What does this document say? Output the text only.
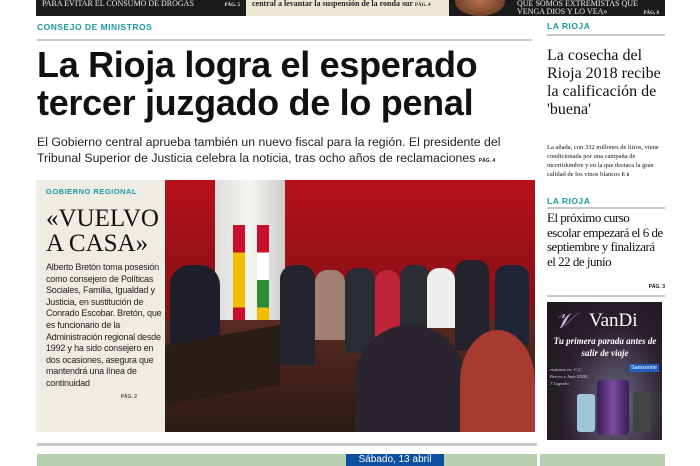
PARA EVITAR EL CONSUMO DE DROGAS	PÁG. 5	central a levantar la suspensión de la ronda sur PÁG. 4	QUE SOMOS EXTREMISTAS QUE VENGA DIOS Y LO VEA»	PÁG. 8
CONSEJO DE MINISTROS
La Rioja logra el esperado tercer juzgado de lo penal
El Gobierno central aprueba también un nuevo fiscal para la región. El presidente del Tribunal Superior de Justicia celebra la noticia, tras ocho años de reclamaciones PÁG. 4
GOBIERNO REGIONAL
«VUELVO A CASA»

Alberto Bretón toma posesión como consejero de Políticas Sociales, Familia, Igualdad y Justicia, en sustitución de Conrado Escobar. Bretón, que es funcionario de la Administración regional desde 1992 y ha sido consejero en dos ocasiones, asegura que mantendrá una línea de continuidad

PÁG. 2
Sábado, 13 abril
LA RIOJA
La cosecha del Rioja 2018 recibe la calificación de 'buena'

La añada, con 332 millones de litros, viene condicionada por una campaña de incertidumbre y en la que destaca la gran calidad de los vinos blancos P. 6

LA RIOJA
El próximo curso escolar empezará el 6 de septiembre y finalizará el 22 de junio
PÁG. 3
𝒱 VanDi
Tu primera parada antes de salir de viaje
Samsonite
visítanos en: C.C. Berceo e Juan XXIII, 7 Logroño
